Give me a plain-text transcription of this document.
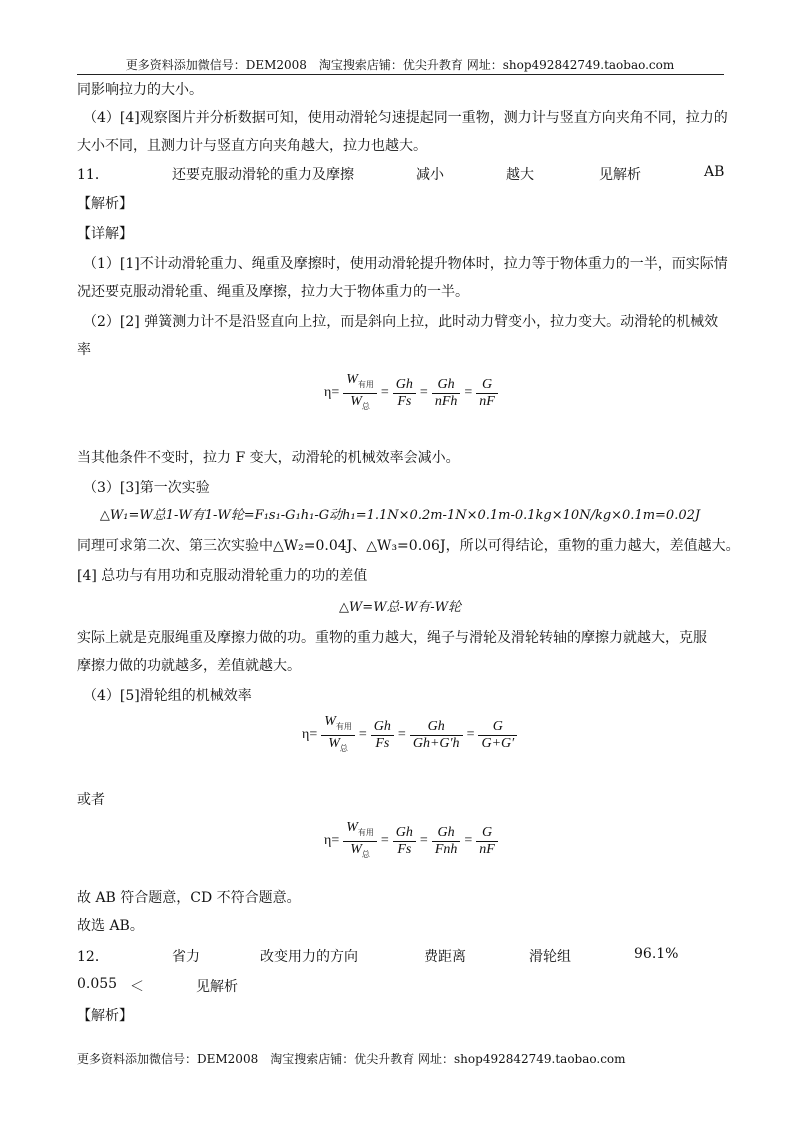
更多资料添加微信号：DEM2008　淘宝搜索店铺：优尖升教育 网址：shop492842749.taobao.com
同影响拉力的大小。
（4）[4]观察图片并分析数据可知，使用动滑轮匀速提起同一重物，测力计与竖直方向夹角不同，拉力的
大小不同，且测力计与竖直方向夹角越大，拉力也越大。
11．	还要克服动滑轮的重力及摩擦	减小	越大	见解析	AB
【解析】
【详解】
（1）[1]不计动滑轮重力、绳重及摩擦时，使用动滑轮提升物体时，拉力等于物体重力的一半，而实际情
况还要克服动滑轮重、绳重及摩擦，拉力大于物体重力的一半。
（2）[2] 弹簧测力计不是沿竖直向上拉，而是斜向上拉，此时动力臂变小，拉力变大。动滑轮的机械效
率
$\eta= \frac{W_{有用}}{W_总} = \frac{Gh}{Fs} = \frac{Gh}{\text{nFh}} = \frac{G}{nF}$
当其他条件不变时，拉力 F 变大，动滑轮的机械效率会减小。
（3）[3]第一次实验
△W₁=W总1-W有1-W轮=F₁s₁-G₁h₁-G动h₁=1.1N×0.2m-1N×0.1m-0.1kg×10N/kg×0.1m=0.02J
同理可求第二次、第三次实验中△W₂=0.04J、△W₃=0.06J，所以可得结论，重物的重力越大，差值越大。
[4] 总功与有用功和克服动滑轮重力的功的差值
△W=W总-W有-W轮
实际上就是克服绳重及摩擦力做的功。重物的重力越大，绳子与滑轮及滑轮转轴的摩擦力就越大，克服
摩擦力做的功就越多，差值就越大。
（4）[5]滑轮组的机械效率
$\eta= \frac{W_{有用}}{W_总} = \frac{Gh}{Fs} = \frac{Gh}{Gh+G'h} = \frac{G}{G+G'}$
或者
$\eta= \frac{W_{有用}}{W_总} = \frac{Gh}{Fs} = \frac{Gh}{\text{Fnh}} = \frac{G}{nF}$
故 AB 符合题意，CD 不符合题意。
故选 AB。
12．	省力	改变用力的方向	费距离	滑轮组	96.1%
0.055 ＜	见解析
【解析】
更多资料添加微信号：DEM2008　淘宝搜索店铺：优尖升教育 网址：shop492842749.taobao.com
